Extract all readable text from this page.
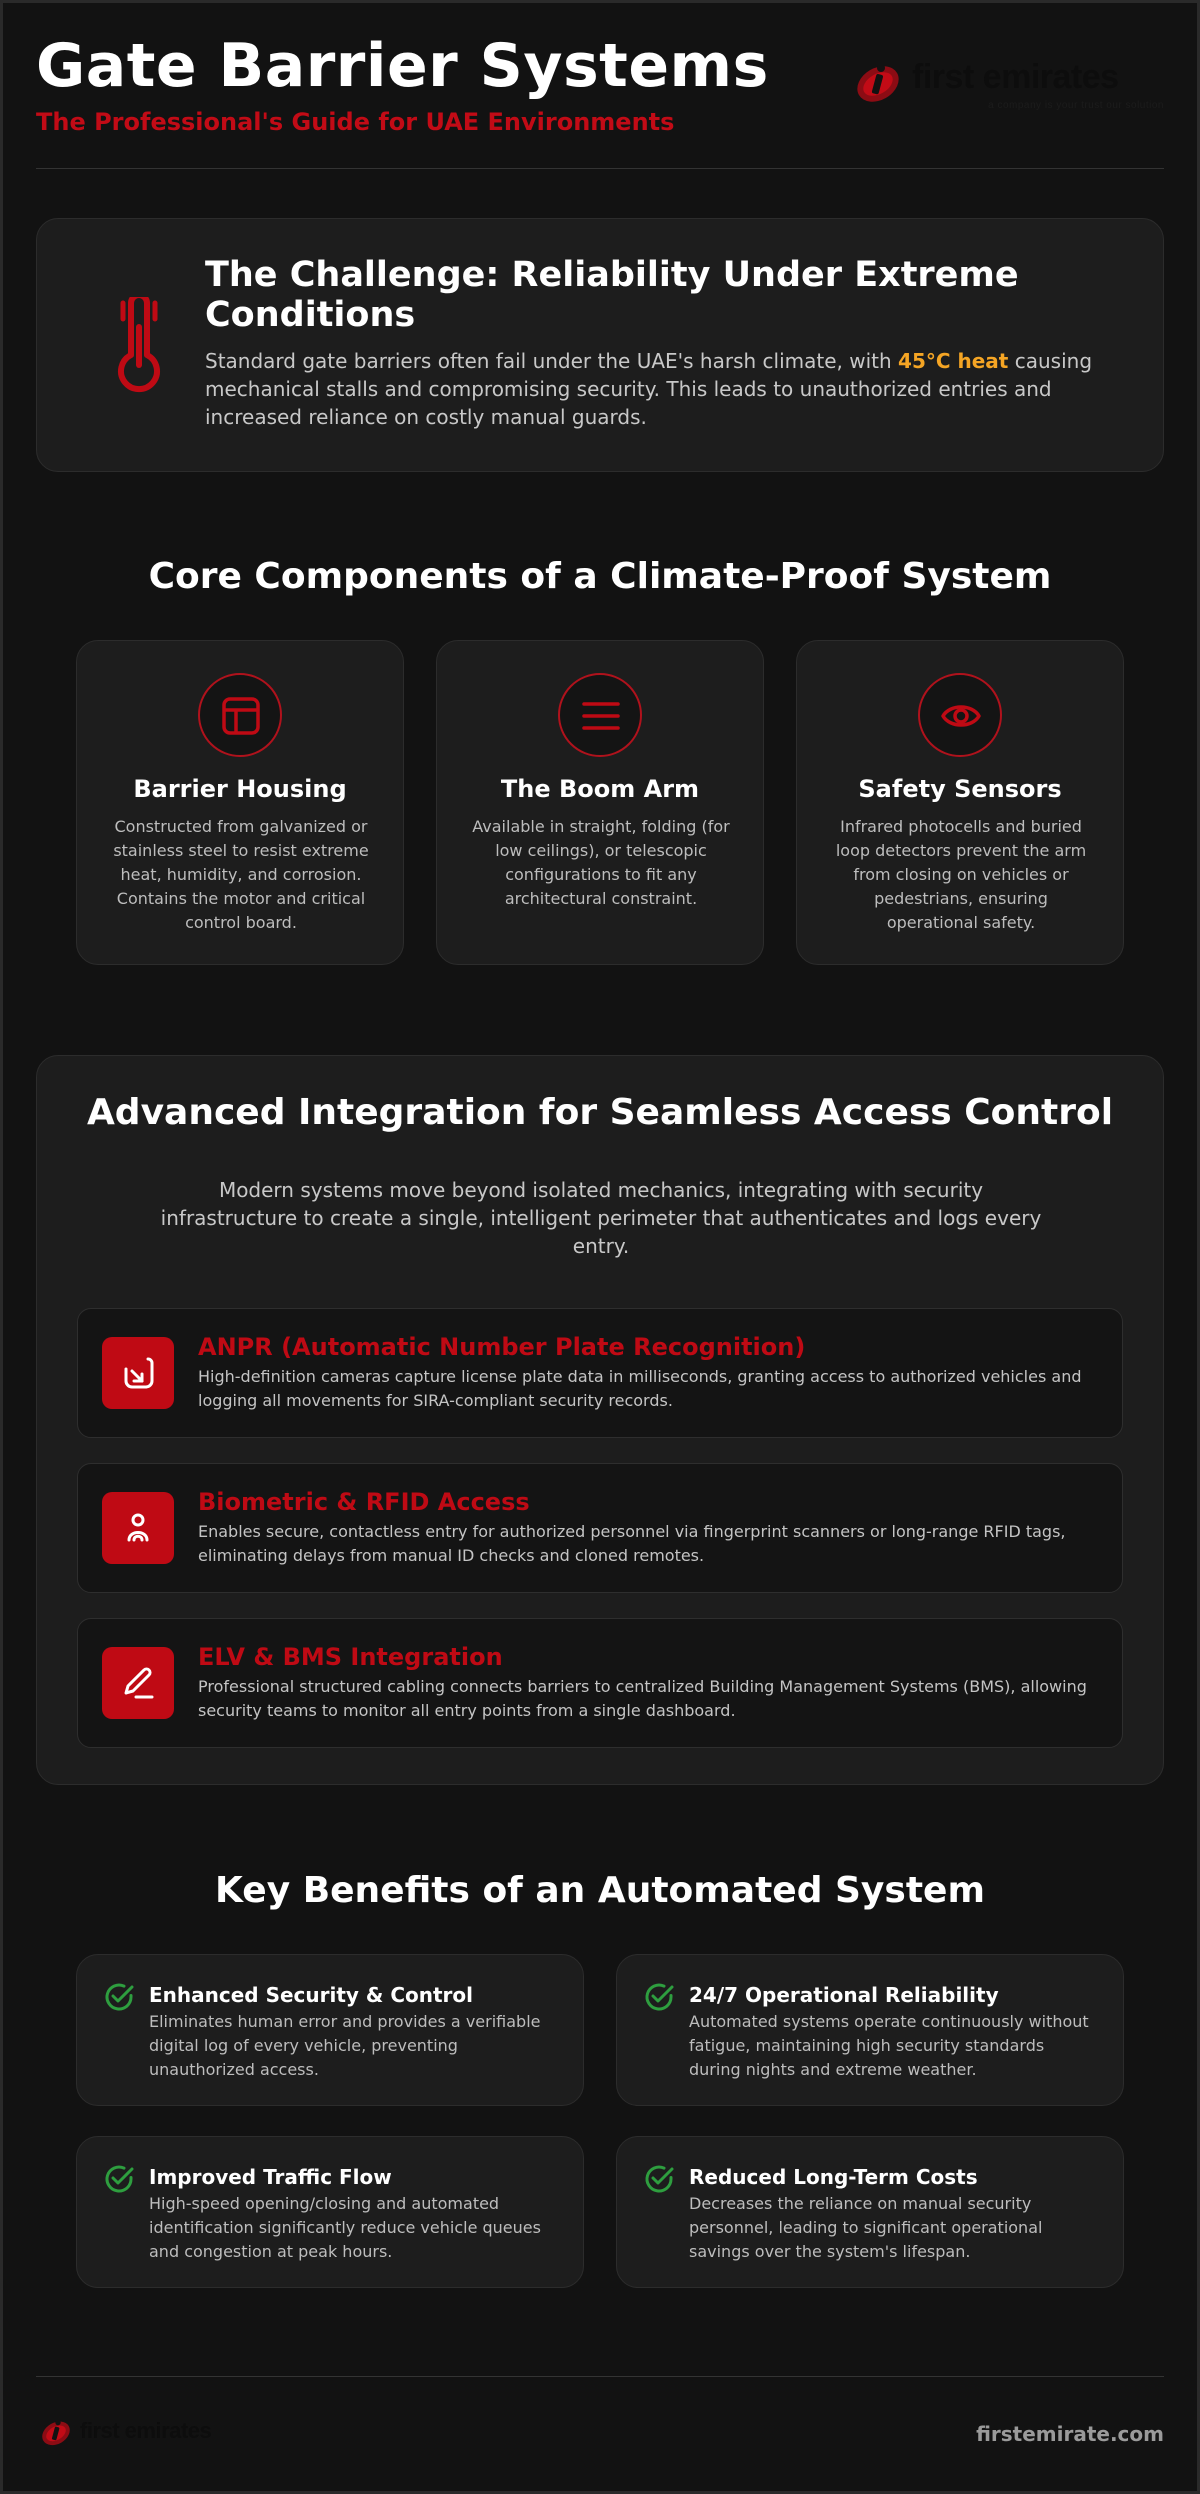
Gate Barrier Systems
The Professional's Guide for UAE Environments
first emirates
a company is your trust our solution
The Challenge: Reliability Under Extreme Conditions

Standard gate barriers often fail under the UAE's harsh climate, with 45°C heat causing mechanical stalls and compromising security. This leads to unauthorized entries and increased reliance on costly manual guards.

Core Components of a Climate-Proof System
Barrier Housing

Constructed from galvanized or stainless steel to resist extreme heat, humidity, and corrosion. Contains the motor and critical control board.

The Boom Arm

Available in straight, folding (for low ceilings), or telescopic configurations to fit any architectural constraint.

Safety Sensors

Infrared photocells and buried loop detectors prevent the arm from closing on vehicles or pedestrians, ensuring operational safety.

Advanced Integration for Seamless Access Control

Modern systems move beyond isolated mechanics, integrating with security infrastructure to create a single, intelligent perimeter that authenticates and logs every entry.

ANPR (Automatic Number Plate Recognition)

High-definition cameras capture license plate data in milliseconds, granting access to authorized vehicles and logging all movements for SIRA-compliant security records.

Biometric & RFID Access

Enables secure, contactless entry for authorized personnel via fingerprint scanners or long-range RFID tags, eliminating delays from manual ID checks and cloned remotes.

ELV & BMS Integration

Professional structured cabling connects barriers to centralized Building Management Systems (BMS), allowing security teams to monitor all entry points from a single dashboard.

Key Benefits of an Automated System
Enhanced Security & Control

Eliminates human error and provides a verifiable digital log of every vehicle, preventing unauthorized access.

24/7 Operational Reliability

Automated systems operate continuously without fatigue, maintaining high security standards during nights and extreme weather.

Improved Traffic Flow

High-speed opening/closing and automated identification significantly reduce vehicle queues and congestion at peak hours.

Reduced Long-Term Costs

Decreases the reliance on manual security personnel, leading to significant operational savings over the system's lifespan.

first emirates	firstemirate.com
